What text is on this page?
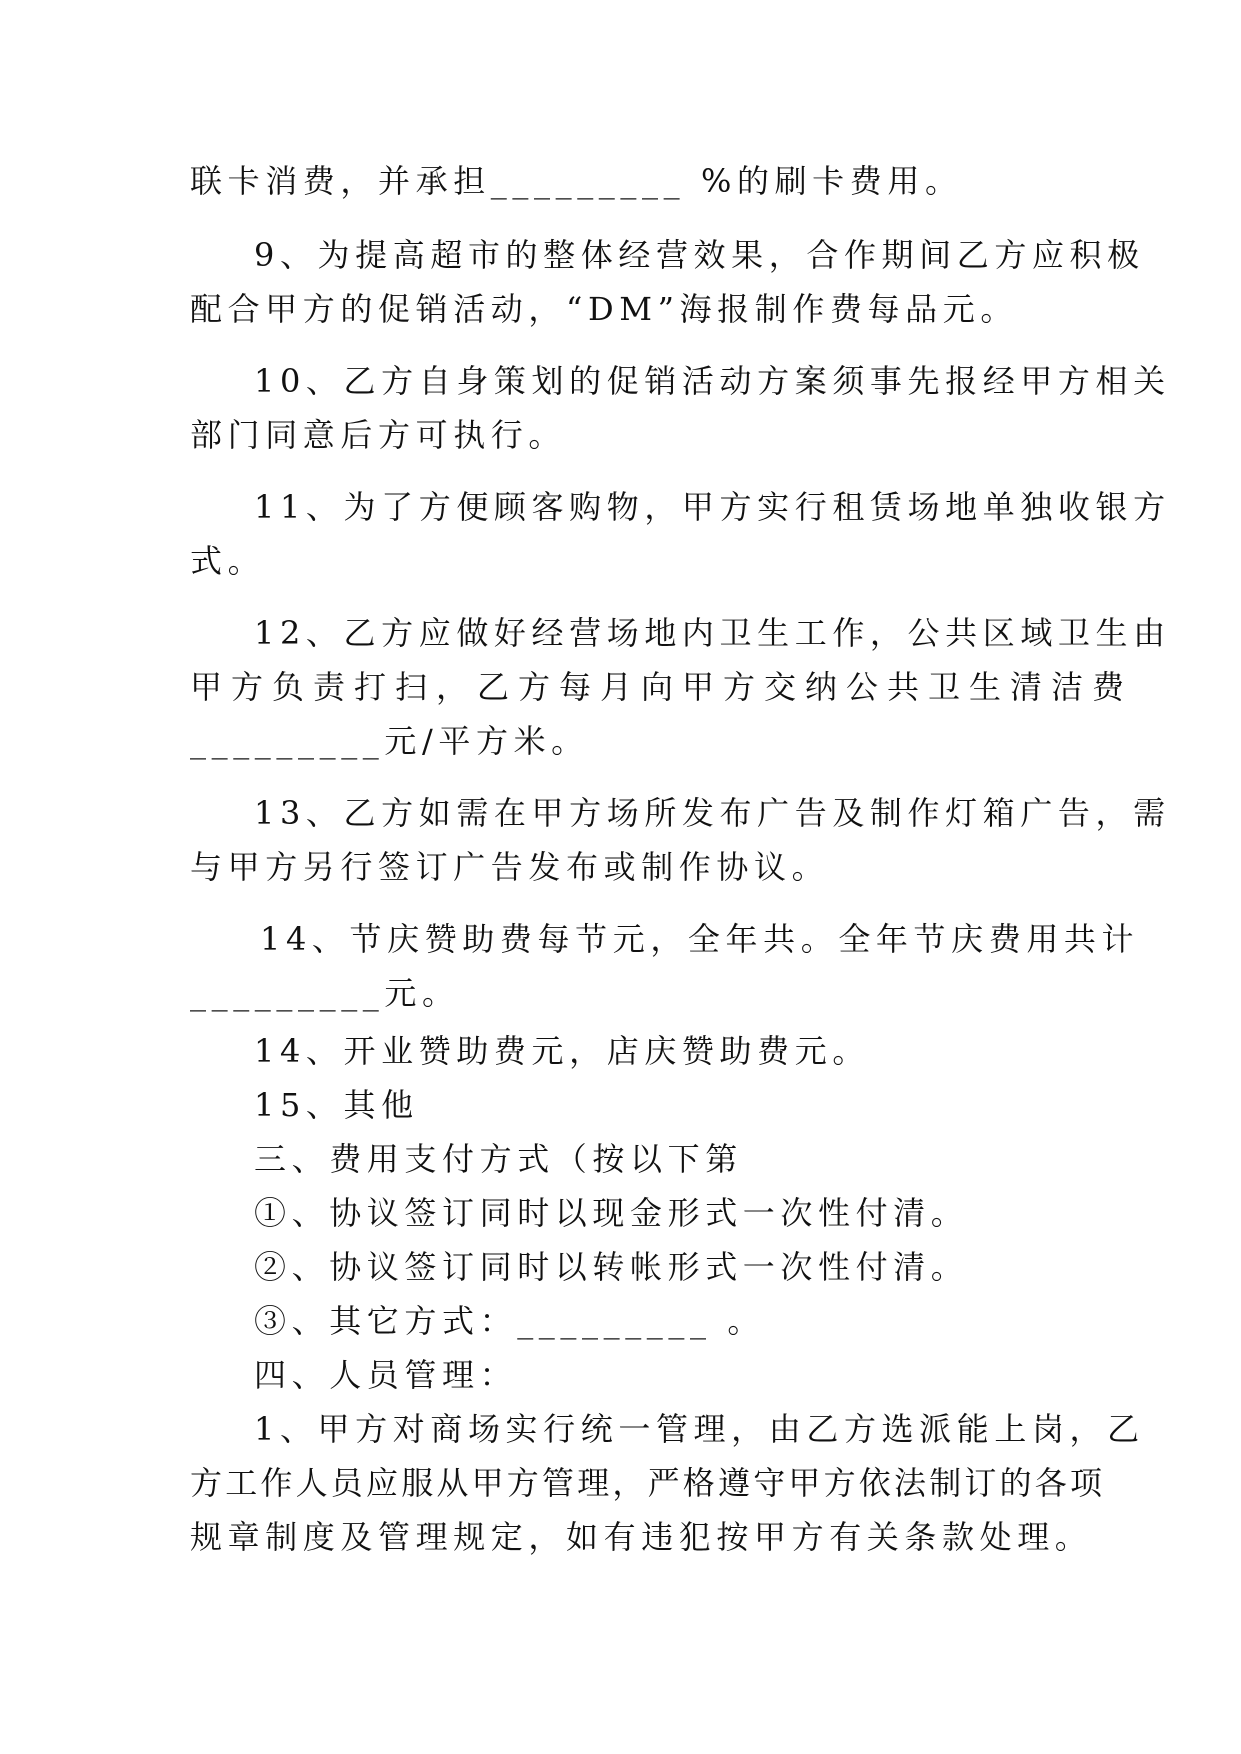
联卡消费，并承担_________ %的刷卡费用。
9、为提高超市的整体经营效果，合作期间乙方应积极
配合甲方的促销活动，“DM”海报制作费每品元。
10、乙方自身策划的促销活动方案须事先报经甲方相关
部门同意后方可执行。
11、为了方便顾客购物，甲方实行租赁场地单独收银方
式。
12、乙方应做好经营场地内卫生工作，公共区域卫生由
甲方负责打扫，乙方每月向甲方交纳公共卫生清洁费
_________元/平方米。
13、乙方如需在甲方场所发布广告及制作灯箱广告，需
与甲方另行签订广告发布或制作协议。
14、节庆赞助费每节元，全年共。全年节庆费用共计
_________元。
14、开业赞助费元，店庆赞助费元。
15、其他
三、费用支付方式（按以下第
①、协议签订同时以现金形式一次性付清。
②、协议签订同时以转帐形式一次性付清。
③、其它方式：_________ 。
四、人员管理：
1、甲方对商场实行统一管理，由乙方选派能上岗，乙
方工作人员应服从甲方管理，严格遵守甲方依法制订的各项
规章制度及管理规定，如有违犯按甲方有关条款处理。
